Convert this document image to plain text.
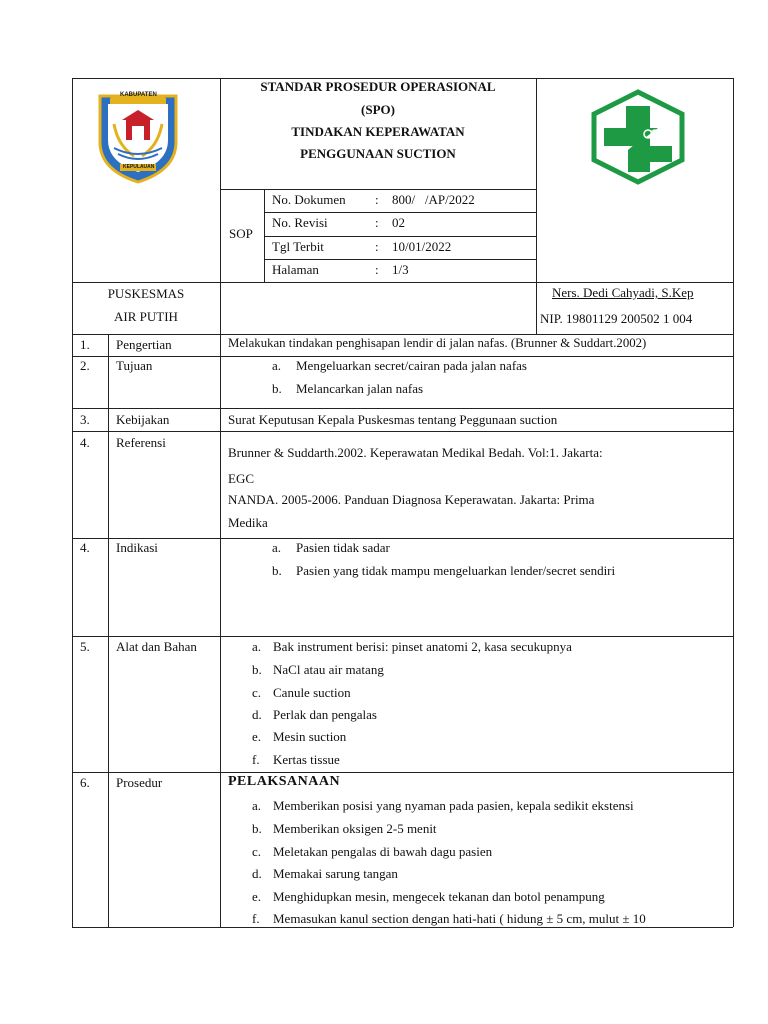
KABUPATEN
KEPULAUAN
STANDAR PROSEDUR OPERASIONAL
(SPO)
TINDAKAN KEPERAWATAN
PENGGUNAAN SUCTION
SOP
No. Dokumen : 800/   /AP/2022
No. Revisi	: 02
Tgl Terbit	: 10/01/2022
Halaman	: 1/3
PUSKESMAS
AIR PUTIH
Ners. Dedi Cahyadi, S.Kep
NIP. 19801129 200502 1 004
1. Pengertian	Melakukan tindakan penghisapan lendir di jalan nafas. (Brunner & Suddart.2002)
2. Tujuan	a. Mengeluarkan secret/cairan pada jalan nafas
b. Melancarkan jalan nafas
3. Kebijakan	Surat Keputusan Kepala Puskesmas tentang Peggunaan suction
4. Referensi
Brunner & Suddarth.2002. Keperawatan Medikal Bedah. Vol:1. Jakarta:
EGC
NANDA. 2005-2006. Panduan Diagnosa Keperawatan. Jakarta: Prima
Medika
4. Indikasi	a. Pasien tidak sadar
b. Pasien yang tidak mampu mengeluarkan lender/secret sendiri
5. Alat dan Bahan	a. Bak instrument berisi: pinset anatomi 2, kasa secukupnya
b. NaCl atau air matang
c. Canule suction
d. Perlak dan pengalas
e. Mesin suction
f. Kertas tissue
6. Prosedur	PELAKSANAAN
a. Memberikan posisi yang nyaman pada pasien, kepala sedikit ekstensi
b. Memberikan oksigen 2-5 menit
c. Meletakan pengalas di bawah dagu pasien
d. Memakai sarung tangan
e. Menghidupkan mesin, mengecek tekanan dan botol penampung
f. Memasukan kanul section dengan hati-hati ( hidung ± 5 cm, mulut ± 10
